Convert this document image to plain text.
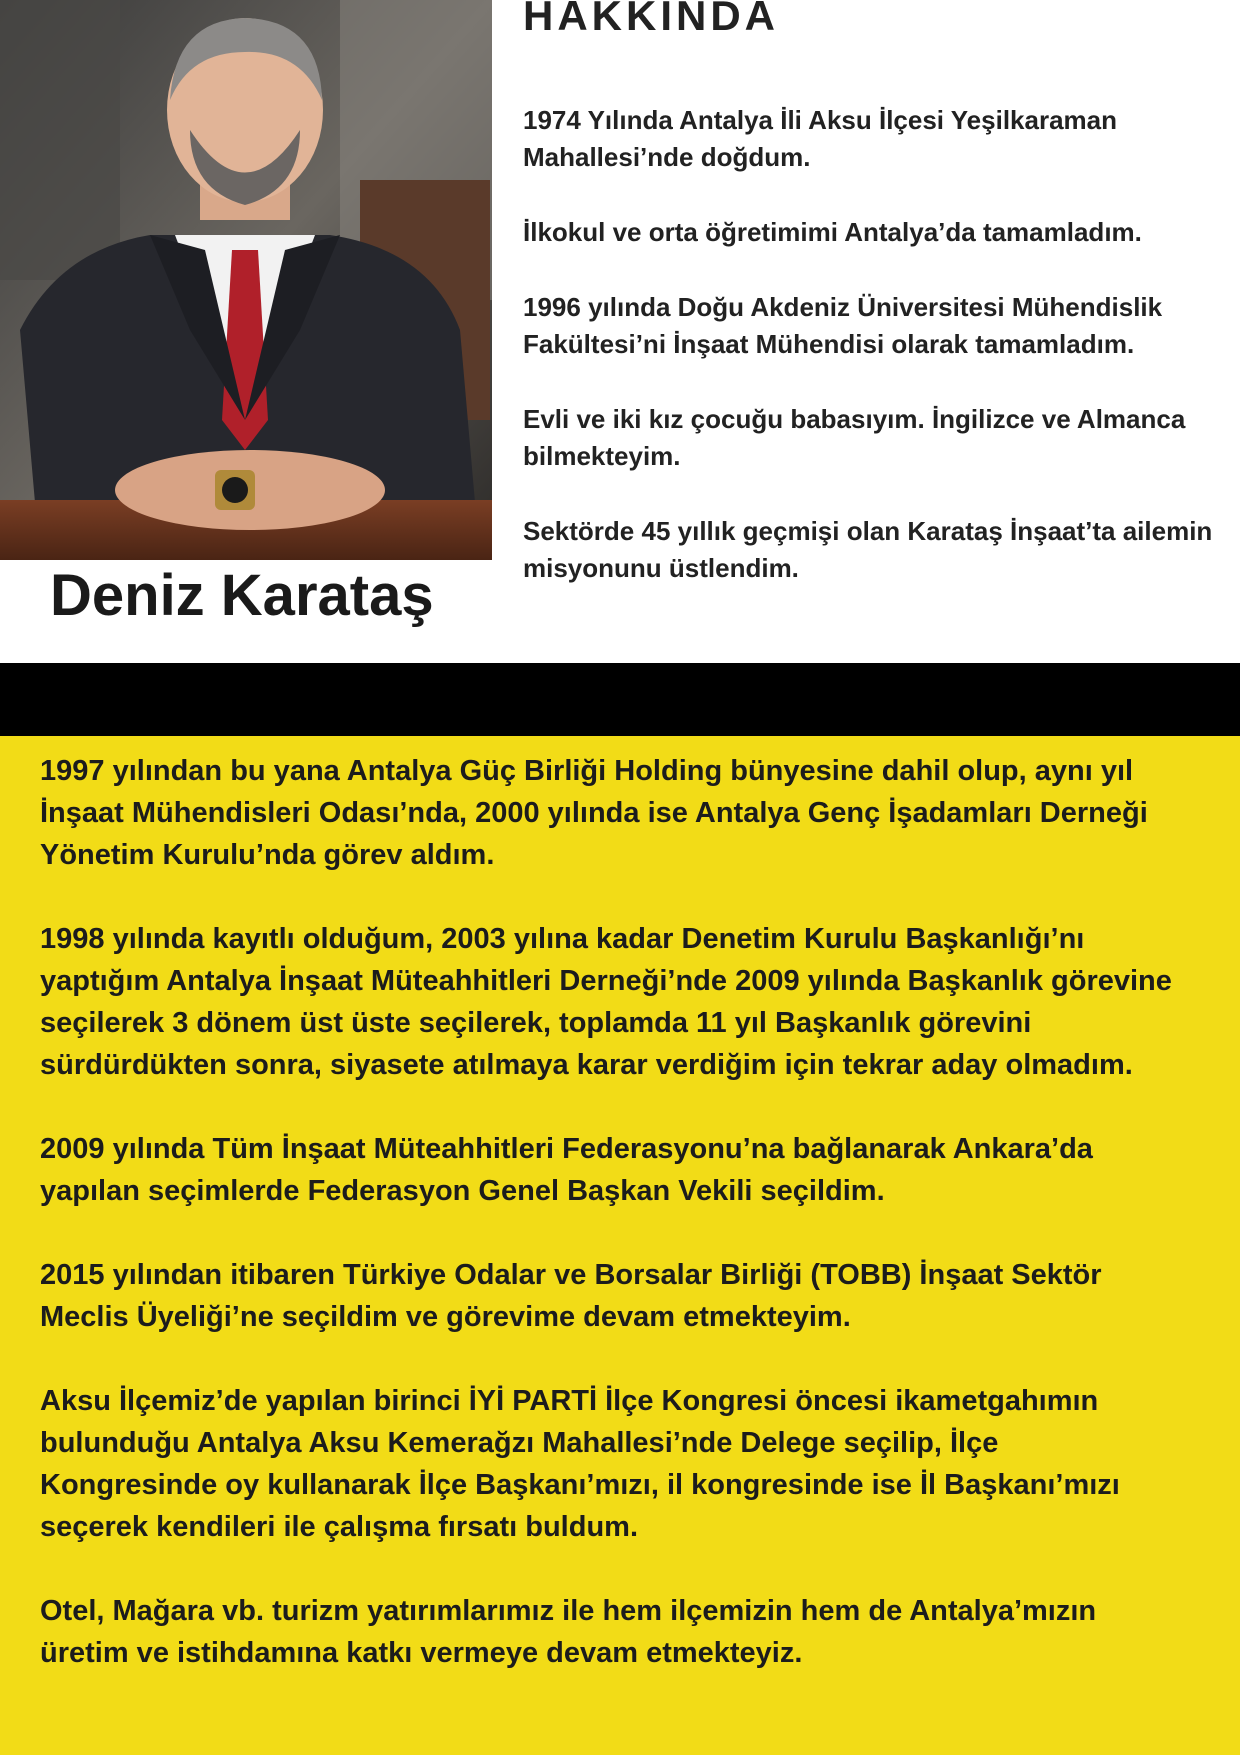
Deniz Karataş
HAKKINDA

1974 Yılında Antalya İli Aksu İlçesi Yeşilkaraman Mahallesi’nde doğdum.

İlkokul ve orta öğretimimi Antalya’da tamamladım.

1996 yılında Doğu Akdeniz Üniversitesi Mühendislik Fakültesi’ni İnşaat Mühendisi olarak tamamladım.

Evli ve iki kız çocuğu babasıyım. İngilizce ve Almanca bilmekteyim.

Sektörde 45 yıllık geçmişi olan Karataş İnşaat’ta ailemin misyonunu üstlendim.

1997 yılından bu yana Antalya Güç Birliği Holding bünyesine dahil olup, aynı yıl İnşaat Mühendisleri Odası’nda, 2000 yılında ise Antalya Genç İşadamları Derneği Yönetim Kurulu’nda görev aldım.

1998 yılında kayıtlı olduğum, 2003 yılına kadar Denetim Kurulu Başkanlığı’nı yaptığım Antalya İnşaat Müteahhitleri Derneği’nde 2009 yılında Başkanlık görevine seçilerek 3 dönem üst üste seçilerek, toplamda 11 yıl Başkanlık görevini sürdürdükten sonra, siyasete atılmaya karar verdiğim için tekrar aday olmadım.

2009 yılında Tüm İnşaat Müteahhitleri Federasyonu’na bağlanarak Ankara’da yapılan seçimlerde Federasyon Genel Başkan Vekili seçildim.

2015 yılından itibaren Türkiye Odalar ve Borsalar Birliği (TOBB) İnşaat Sektör Meclis Üyeliği’ne seçildim ve görevime devam etmekteyim.

Aksu İlçemiz’de yapılan birinci İYİ PARTİ İlçe Kongresi öncesi ikametgahımın bulunduğu Antalya Aksu Kemerağzı Mahallesi’nde Delege seçilip, İlçe Kongresinde oy kullanarak İlçe Başkanı’mızı, il kongresinde ise İl Başkanı’mızı seçerek kendileri ile çalışma fırsatı buldum.

Otel, Mağara vb. turizm yatırımlarımız ile hem ilçemizin hem de Antalya’mızın üretim ve istihdamına katkı vermeye devam etmekteyiz.
